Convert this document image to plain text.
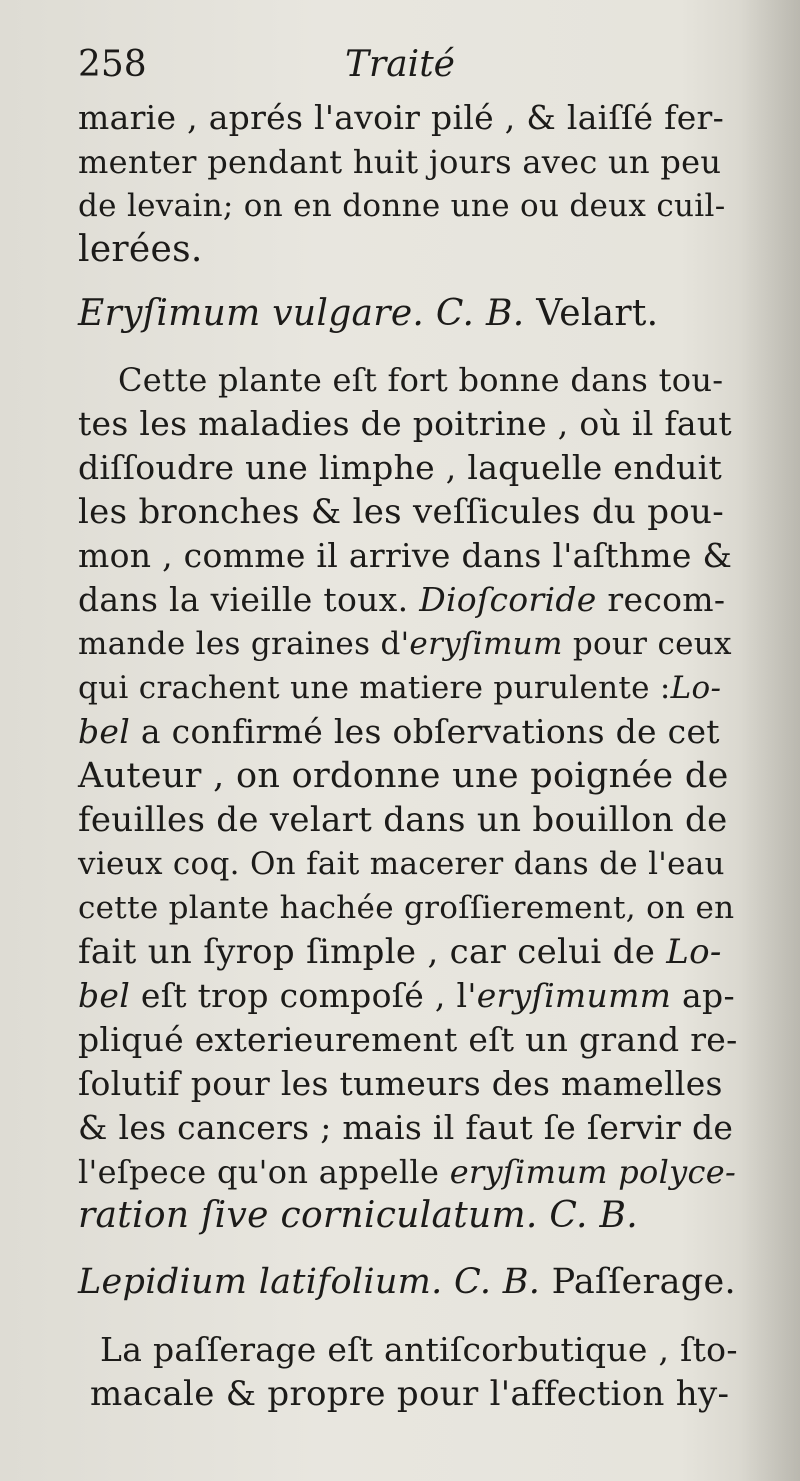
258	Traité
marie , aprés l'avoir pilé , & laiſſé fer-
menter pendant huit jours avec un peu
de levain; on en donne une ou deux cuil-
lerées.
Eryſimum vulgare. C. B. Velart.
Cette plante eſt fort bonne dans tou-
tes les maladies de poitrine , où il faut
diſſoudre une limphe , laquelle enduit
les bronches & les veſſicules du pou-
mon , comme il arrive dans l'aſthme &
dans la vieille toux. Dioſcoride recom-
mande les graines d'eryſimum pour ceux
qui crachent une matiere purulente :Lo-
bel a confirmé les obſervations de cet
Auteur , on ordonne une poignée de
feuilles de velart dans un bouillon de
vieux coq. On fait macerer dans de l'eau
cette plante hachée groſſierement, on en
fait un ſyrop ſimple , car celui de Lo-
bel eſt trop compoſé , l'eryſimumm ap-
pliqué exterieurement eſt un grand re-
ſolutif pour les tumeurs des mamelles
& les cancers ; mais il faut ſe ſervir de
l'eſpece qu'on appelle eryſimum polyce-
ration ſive corniculatum. C. B.
Lepidium latifolium. C. B. Paſſerage.
La paſſerage eſt antiſcorbutique , ſto-
macale & propre pour l'affection hy-
